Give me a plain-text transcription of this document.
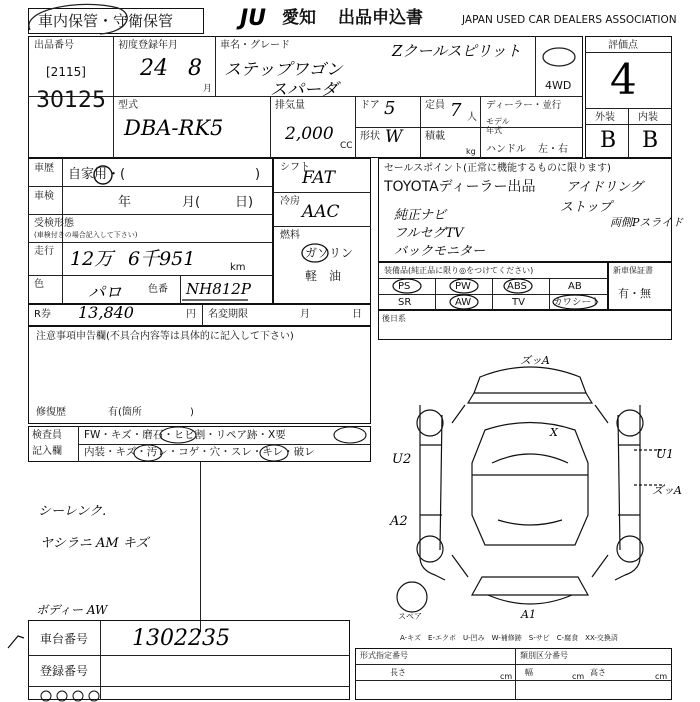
車内保管・守衛保管	JU 愛知 出品申込書	JAPAN USED CAR DEALERS ASSOCIATION
出品番号
[2115]
30125
初度登録年月
24 8
月
車名・グレード
ステップワゴン
スパーダ
Zクールスピリット
4WD
評価点
4
外装 内装
B B
型式
DBA-RK5
排気量
2,000
CC
ドア 5
形状 W
定員 7 人
積載
kg
ディーラー・並行
モデル年式
ハンドル 左・右
車歴 自家用・(	)
車検	年	月(	日)
受検形態
(車検付きの場合記入して下さい)
走行 12万 6千951	km
色	パロ	色番 NH812P
シフト
FAT
冷房
AAC
燃料
ガソリン
軽　油
セールスポイント(正常に機能するものに限ります)
TOYOTAディーラー出品 アイドリング
ストップ
純正ナビ
フルセグTV
バックモニター
両側Pスライド
装備品(純正品に限り◎をつけてください)
PS	PW	ABS	AB
SR	AW	TV	カワシート
新車保証書
有・無
R券 13,840	円 名変期限	月	日
注意事項申告欄(不具合内容等は具体的に記入して下さい)
修復歴	有(箇所	)
検査員
記入欄
FW・キズ・磨石・ヒビ割・リペア跡・X要
内装・キズ・汚レ・コゲ・穴・スレ・キレ・破レ
シーレンク.
ヤシラニ AM キズ
ボディー AW
後日系
ズッA
U1
ズッA
U2
A2
A1
X
スペア
A-キズ　E-エクボ　U-凹み　W-補修跡　S-サビ　C-腐食　XX-交換済
車台番号 1302235
登録番号
形式指定番号	類別区分番号
長さ	cm 幅	cm 高さ	cm
